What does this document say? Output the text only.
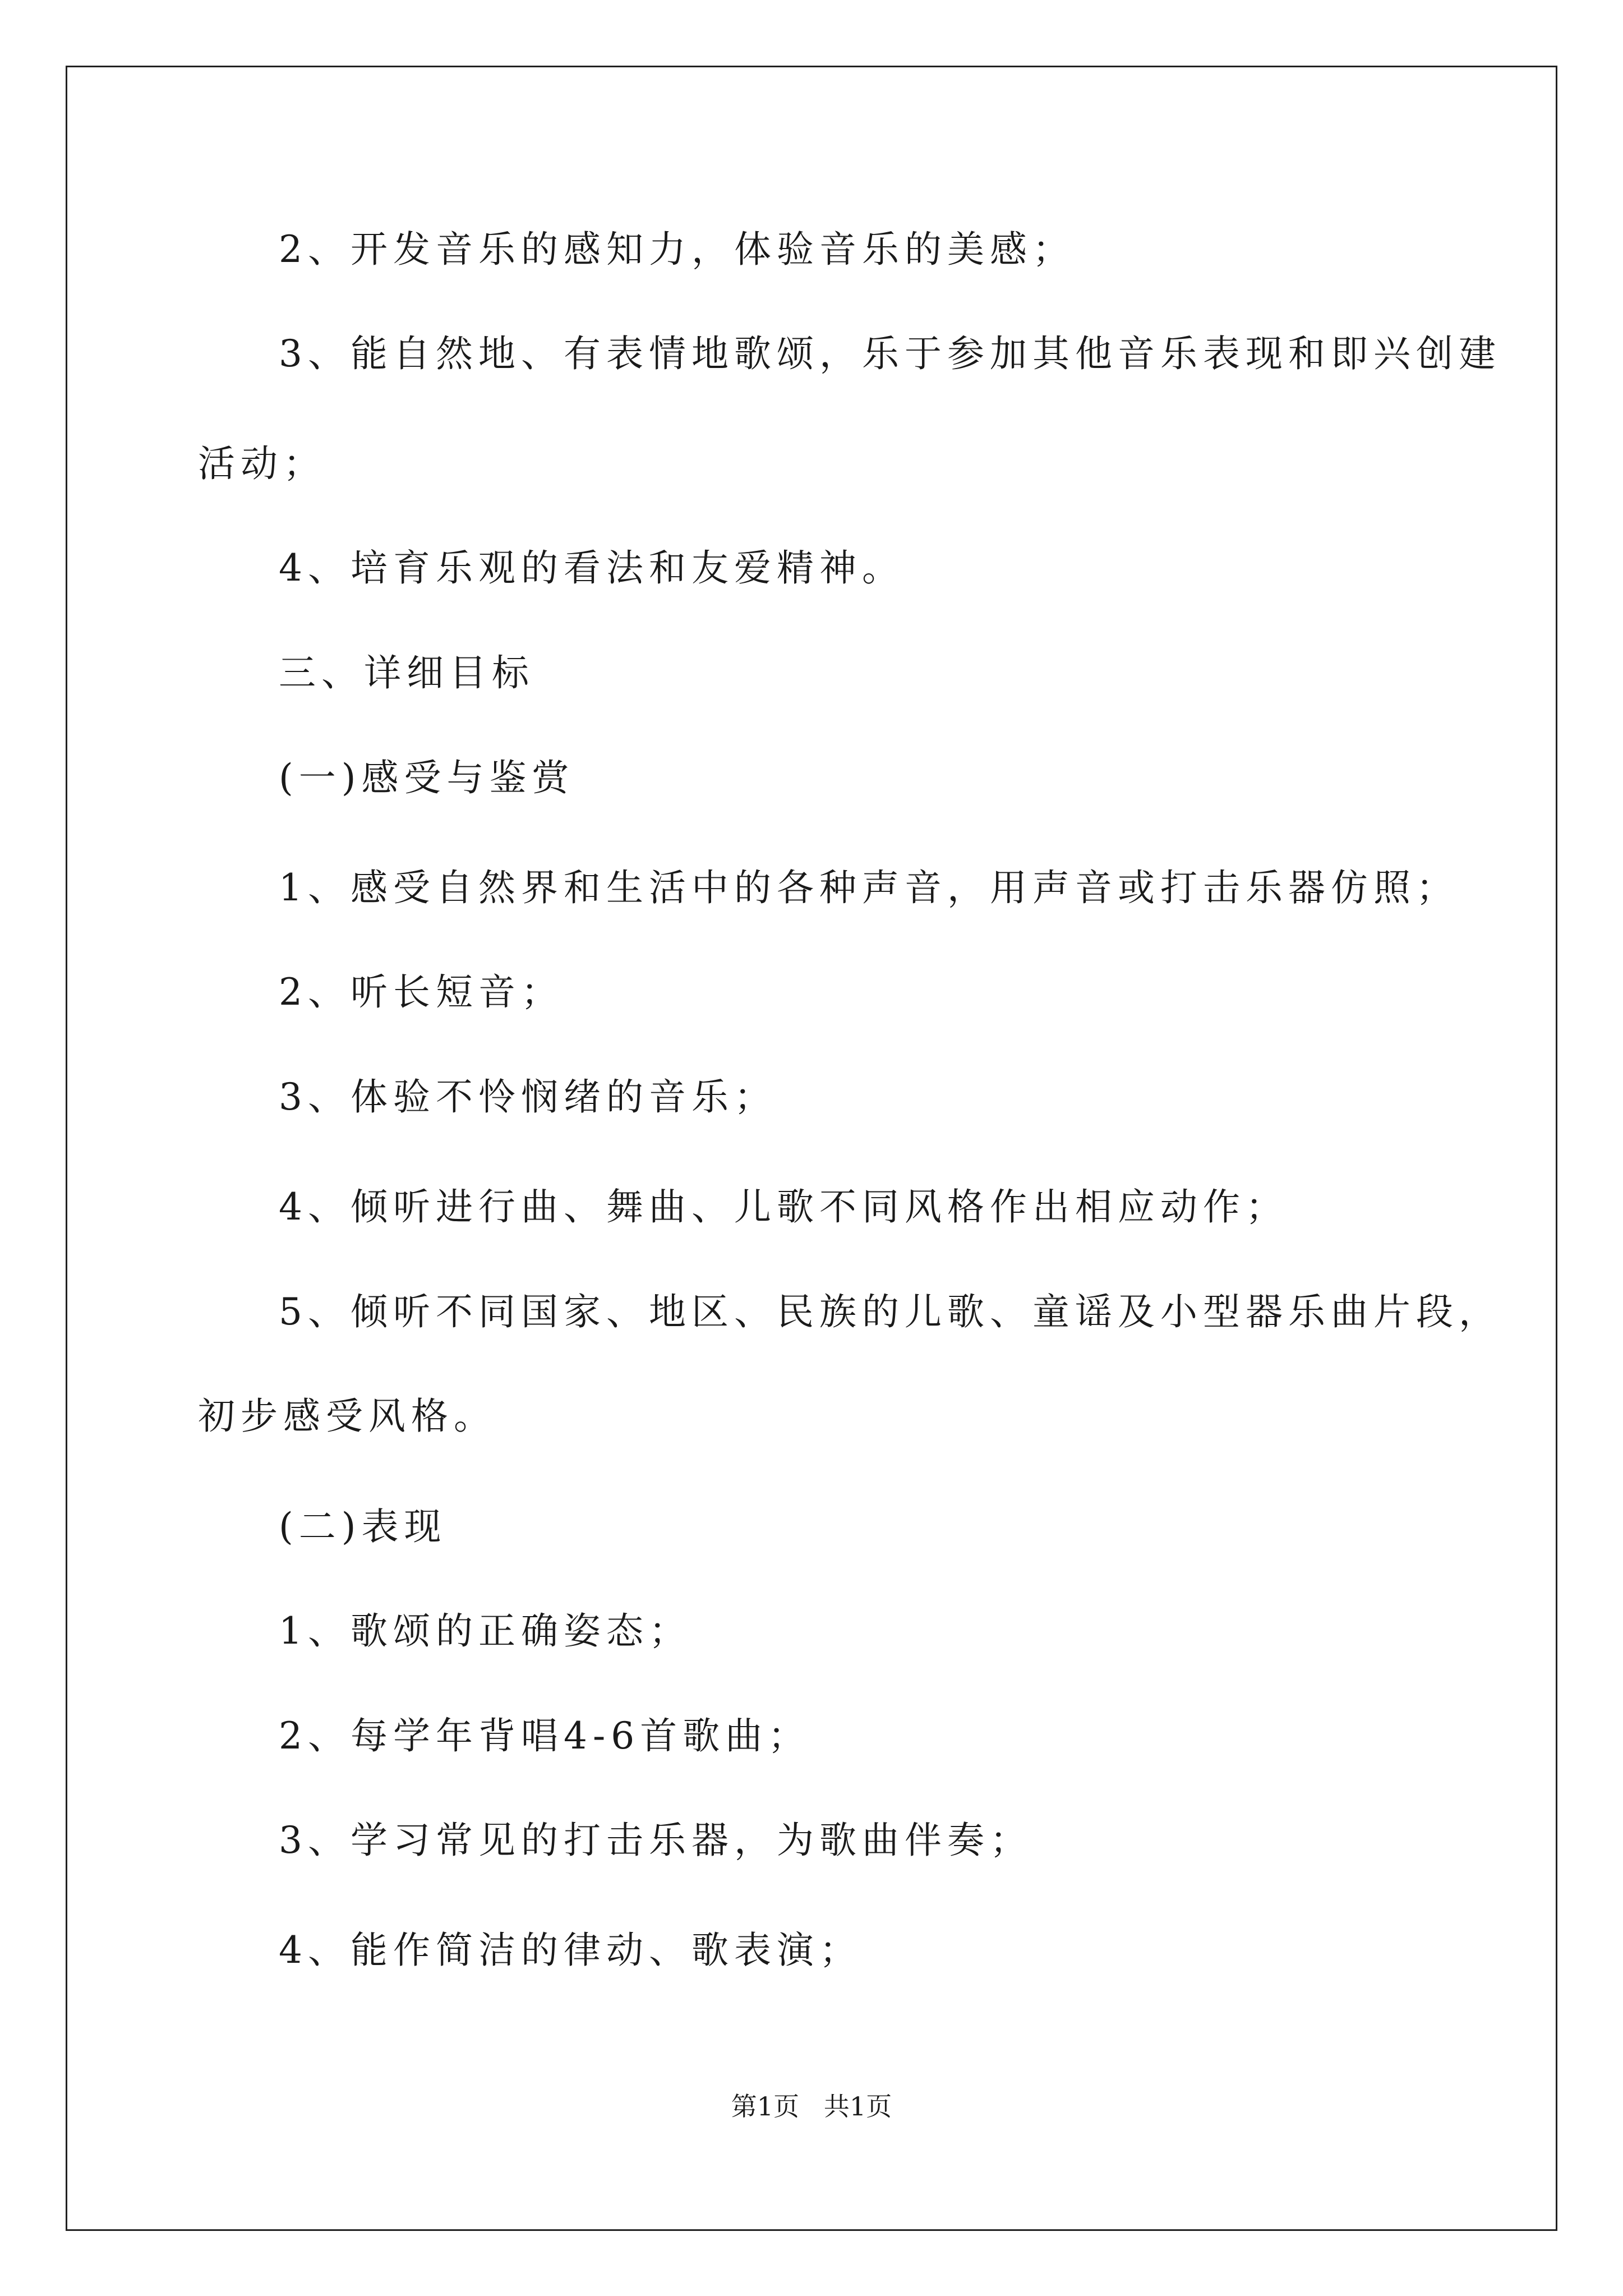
2、开发音乐的感知力，体验音乐的美感；
3、能自然地、有表情地歌颂，乐于参加其他音乐表现和即兴创建
活动；
4、培育乐观的看法和友爱精神。
三、详细目标
(一)感受与鉴赏
1、感受自然界和生活中的各种声音，用声音或打击乐器仿照；
2、听长短音；
3、体验不怜悯绪的音乐；
4、倾听进行曲、舞曲、儿歌不同风格作出相应动作；
5、倾听不同国家、地区、民族的儿歌、童谣及小型器乐曲片段，
初步感受风格。
(二)表现
1、歌颂的正确姿态；
2、每学年背唱4-6首歌曲；
3、学习常见的打击乐器，为歌曲伴奏；
4、能作简洁的律动、歌表演；
第1页   共1页
